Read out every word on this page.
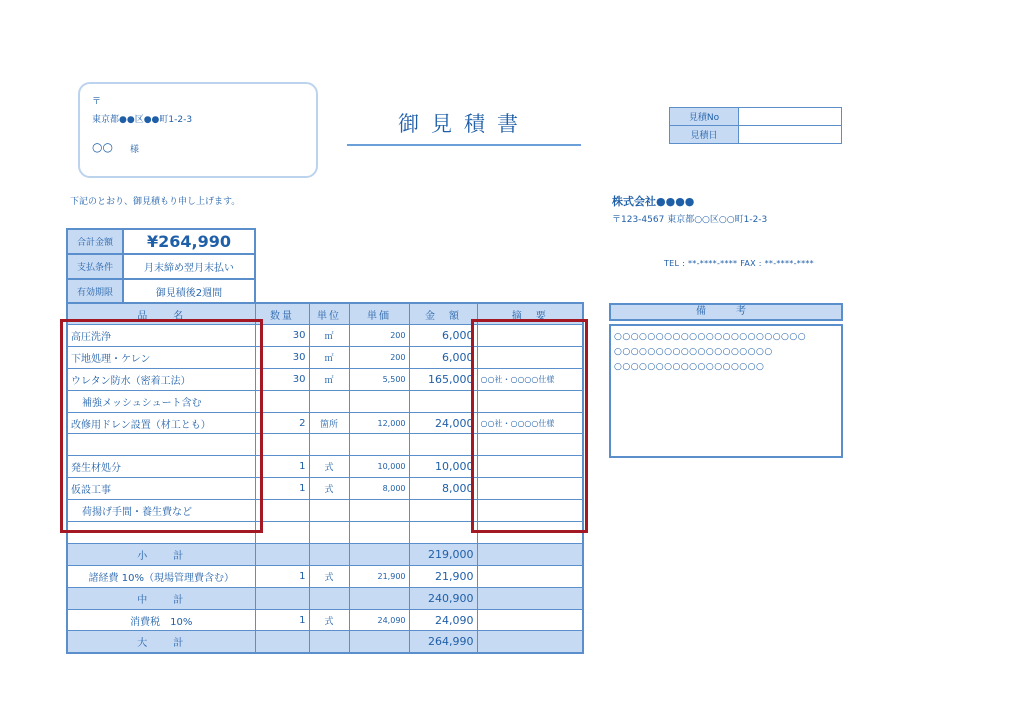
〒
東京都●●区●●町1-2-3
○○ 様
御見積書	見積No	
見積日	
下記のとおり、御見積もり申し上げます。	株式会社●●●●
〒123-4567 東京都○○区○○町1-2-3
TEL : **-****-**** FAX : **-****-****
合計金額	¥264,990
支払条件	月末締め翌月末払い
有効期限	御見積後2週間
品　　名	数量	単位	単価	金　額	摘　要
高圧洗浄	30	㎡	200	6,000	
下地処理・ケレン	30	㎡	200	6,000	
ウレタン防水（密着工法）	30	㎡	5,500	165,000	○○社・○○○○仕様
補強メッシュシュート含む					
改修用ドレン設置（材工とも）	2	箇所	12,000	24,000	○○社・○○○○仕様

発生材処分	1	式	10,000	10,000	
仮設工事	1	式	8,000	8,000	
荷揚げ手間・養生費など					

小　　計				219,000	
諸経費 10%（現場管理費含む）	1	式	21,900	21,900	
中　　計				240,900	
消費税　10%	1	式	24,090	24,090	
大　　計				264,990	
備　考
○○○○○○○○○○○○○○○○○○○○○○○
○○○○○○○○○○○○○○○○○○○
○○○○○○○○○○○○○○○○○○
